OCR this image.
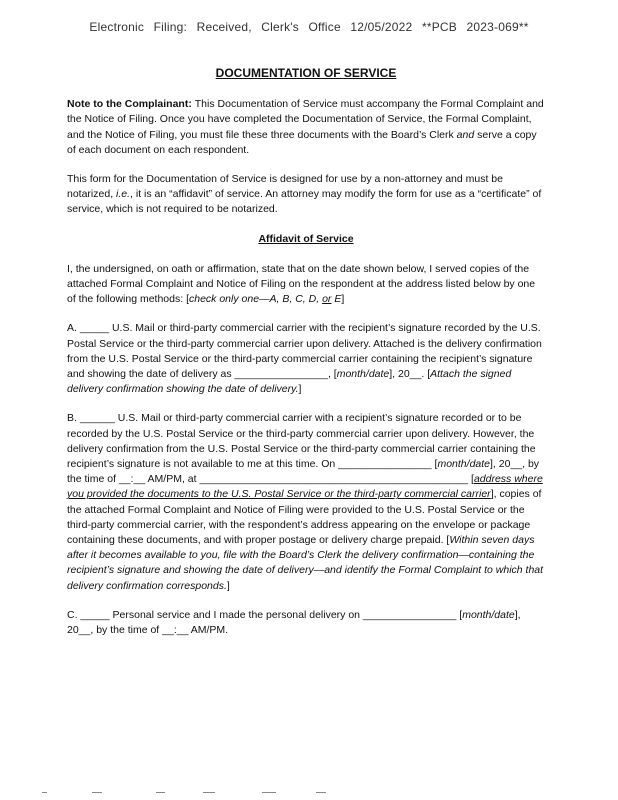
Electronic Filing: Received, Clerk's Office 12/05/2022 **PCB 2023-069**
DOCUMENTATION OF SERVICE

Note to the Complainant: This Documentation of Service must accompany the Formal Complaint and the Notice of Filing. Once you have completed the Documentation of Service, the Formal Complaint, and the Notice of Filing, you must file these three documents with the Board’s Clerk and serve a copy of each document on each respondent.

This form for the Documentation of Service is designed for use by a non-attorney and must be notarized, i.e., it is an “affidavit” of service. An attorney may modify the form for use as a “certificate” of service, which is not required to be notarized.

Affidavit of Service

I, the undersigned, on oath or affirmation, state that on the date shown below, I served copies of the attached Formal Complaint and Notice of Filing on the respondent at the address listed below by one of the following methods: [check only one—A, B, C, D, or E]

A. _____ U.S. Mail or third-party commercial carrier with the recipient’s signature recorded by the U.S. Postal Service or the third-party commercial carrier upon delivery. Attached is the delivery confirmation from the U.S. Postal Service or the third-party commercial carrier containing the recipient’s signature and showing the date of delivery as ________________, [month/date], 20__. [Attach the signed delivery confirmation showing the date of delivery.]

B. ______ U.S. Mail or third-party commercial carrier with a recipient’s signature recorded or to be recorded by the U.S. Postal Service or the third-party commercial carrier upon delivery. However, the delivery confirmation from the U.S. Postal Service or the third-party commercial carrier containing the recipient’s signature is not available to me at this time. On ________________ [month/date], 20__, by the time of __:__ AM/PM, at ______________________________________________ [address where you provided the documents to the U.S. Postal Service or the third-party commercial carrier], copies of the attached Formal Complaint and Notice of Filing were provided to the U.S. Postal Service or the third-party commercial carrier, with the respondent’s address appearing on the envelope or package containing these documents, and with proper postage or delivery charge prepaid. [Within seven days after it becomes available to you, file with the Board’s Clerk the delivery confirmation—containing the recipient’s signature and showing the date of delivery—and identify the Formal Complaint to which that delivery confirmation corresponds.]

C. _____ Personal service and I made the personal delivery on ________________ [month/date], 20__, by the time of __:__ AM/PM.
